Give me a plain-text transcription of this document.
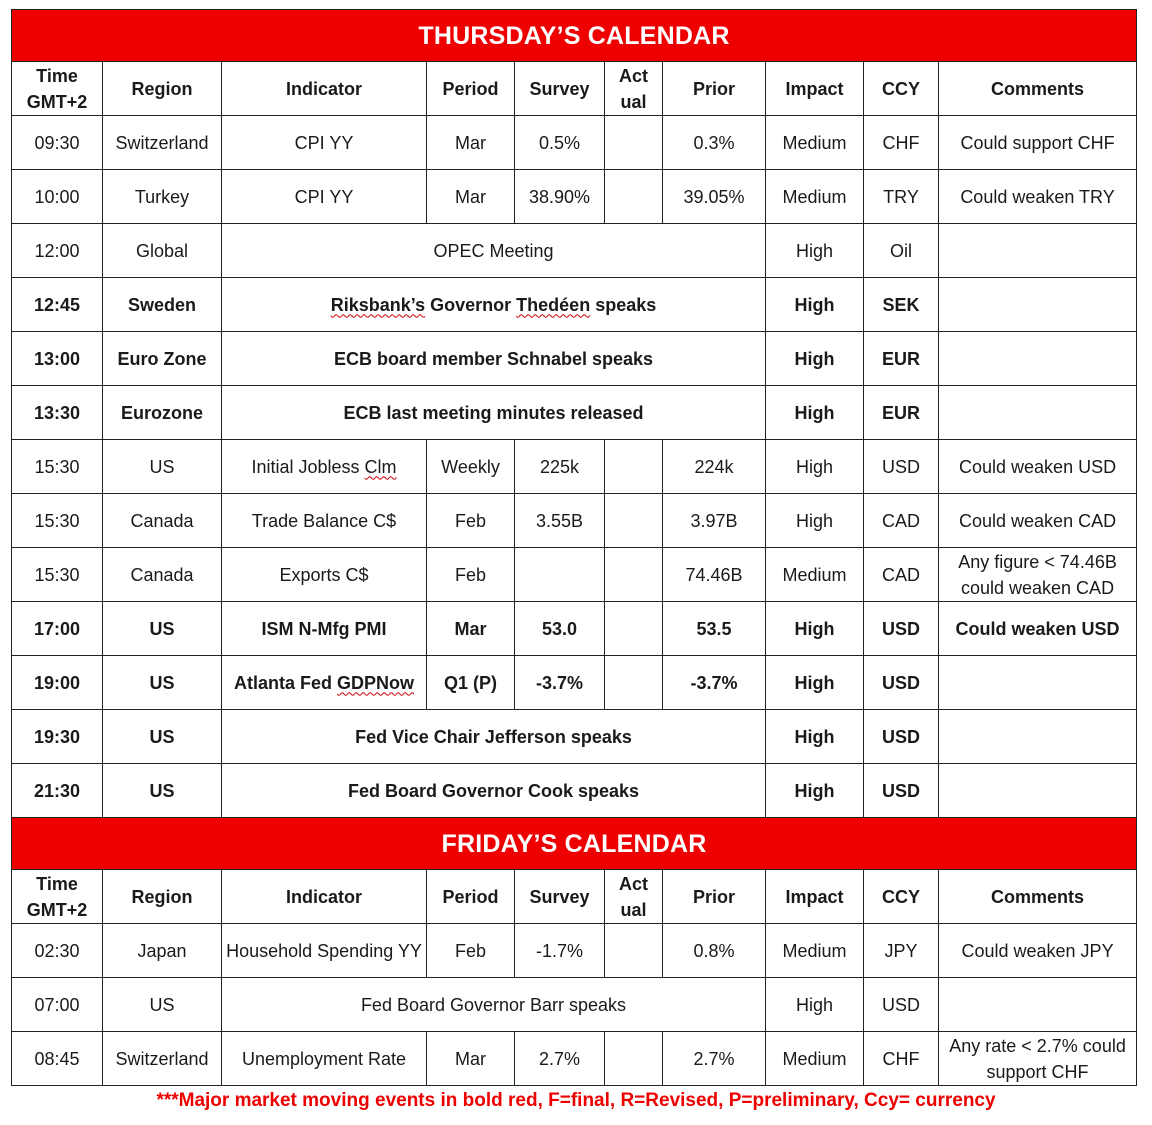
THURSDAY’S CALENDAR									
Time GMT+2	Region	Indicator	Period	Survey	Act ual	Prior	Impact	CCY	Comments
09:30	Switzerland	CPI YY	Mar	0.5%		0.3%	Medium	CHF	Could support CHF
10:00	Turkey	CPI YY	Mar	38.90%		39.05%	Medium	TRY	Could weaken TRY
12:00	Global	OPEC Meeting					High	Oil	
12:45	Sweden	Riksbank’s Governor Thedéen speaks					High	SEK	
13:00	Euro Zone	ECB board member Schnabel speaks					High	EUR	
13:30	Eurozone	ECB last meeting minutes released					High	EUR	
15:30	US	Initial Jobless Clm	Weekly	225k		224k	High	USD	Could weaken USD
15:30	Canada	Trade Balance C$	Feb	3.55B		3.97B	High	CAD	Could weaken CAD
15:30	Canada	Exports C$	Feb			74.46B	Medium	CAD	Any figure < 74.46B could weaken CAD
17:00	US	ISM N-Mfg PMI	Mar	53.0		53.5	High	USD	Could weaken USD
19:00	US	Atlanta Fed GDPNow	Q1 (P)	-3.7%		-3.7%	High	USD	
19:30	US	Fed Vice Chair Jefferson speaks					High	USD	
21:30	US	Fed Board Governor Cook speaks					High	USD	
FRIDAY’S CALENDAR									
Time GMT+2	Region	Indicator	Period	Survey	Act ual	Prior	Impact	CCY	Comments
02:30	Japan	Household Spending YY	Feb	-1.7%		0.8%	Medium	JPY	Could weaken JPY
07:00	US	Fed Board Governor Barr speaks					High	USD	
08:45	Switzerland	Unemployment Rate	Mar	2.7%		2.7%	Medium	CHF	Any rate < 2.7% could support CHF
***Major market moving events in bold red, F=final, R=Revised, P=preliminary, Ccy= currency
